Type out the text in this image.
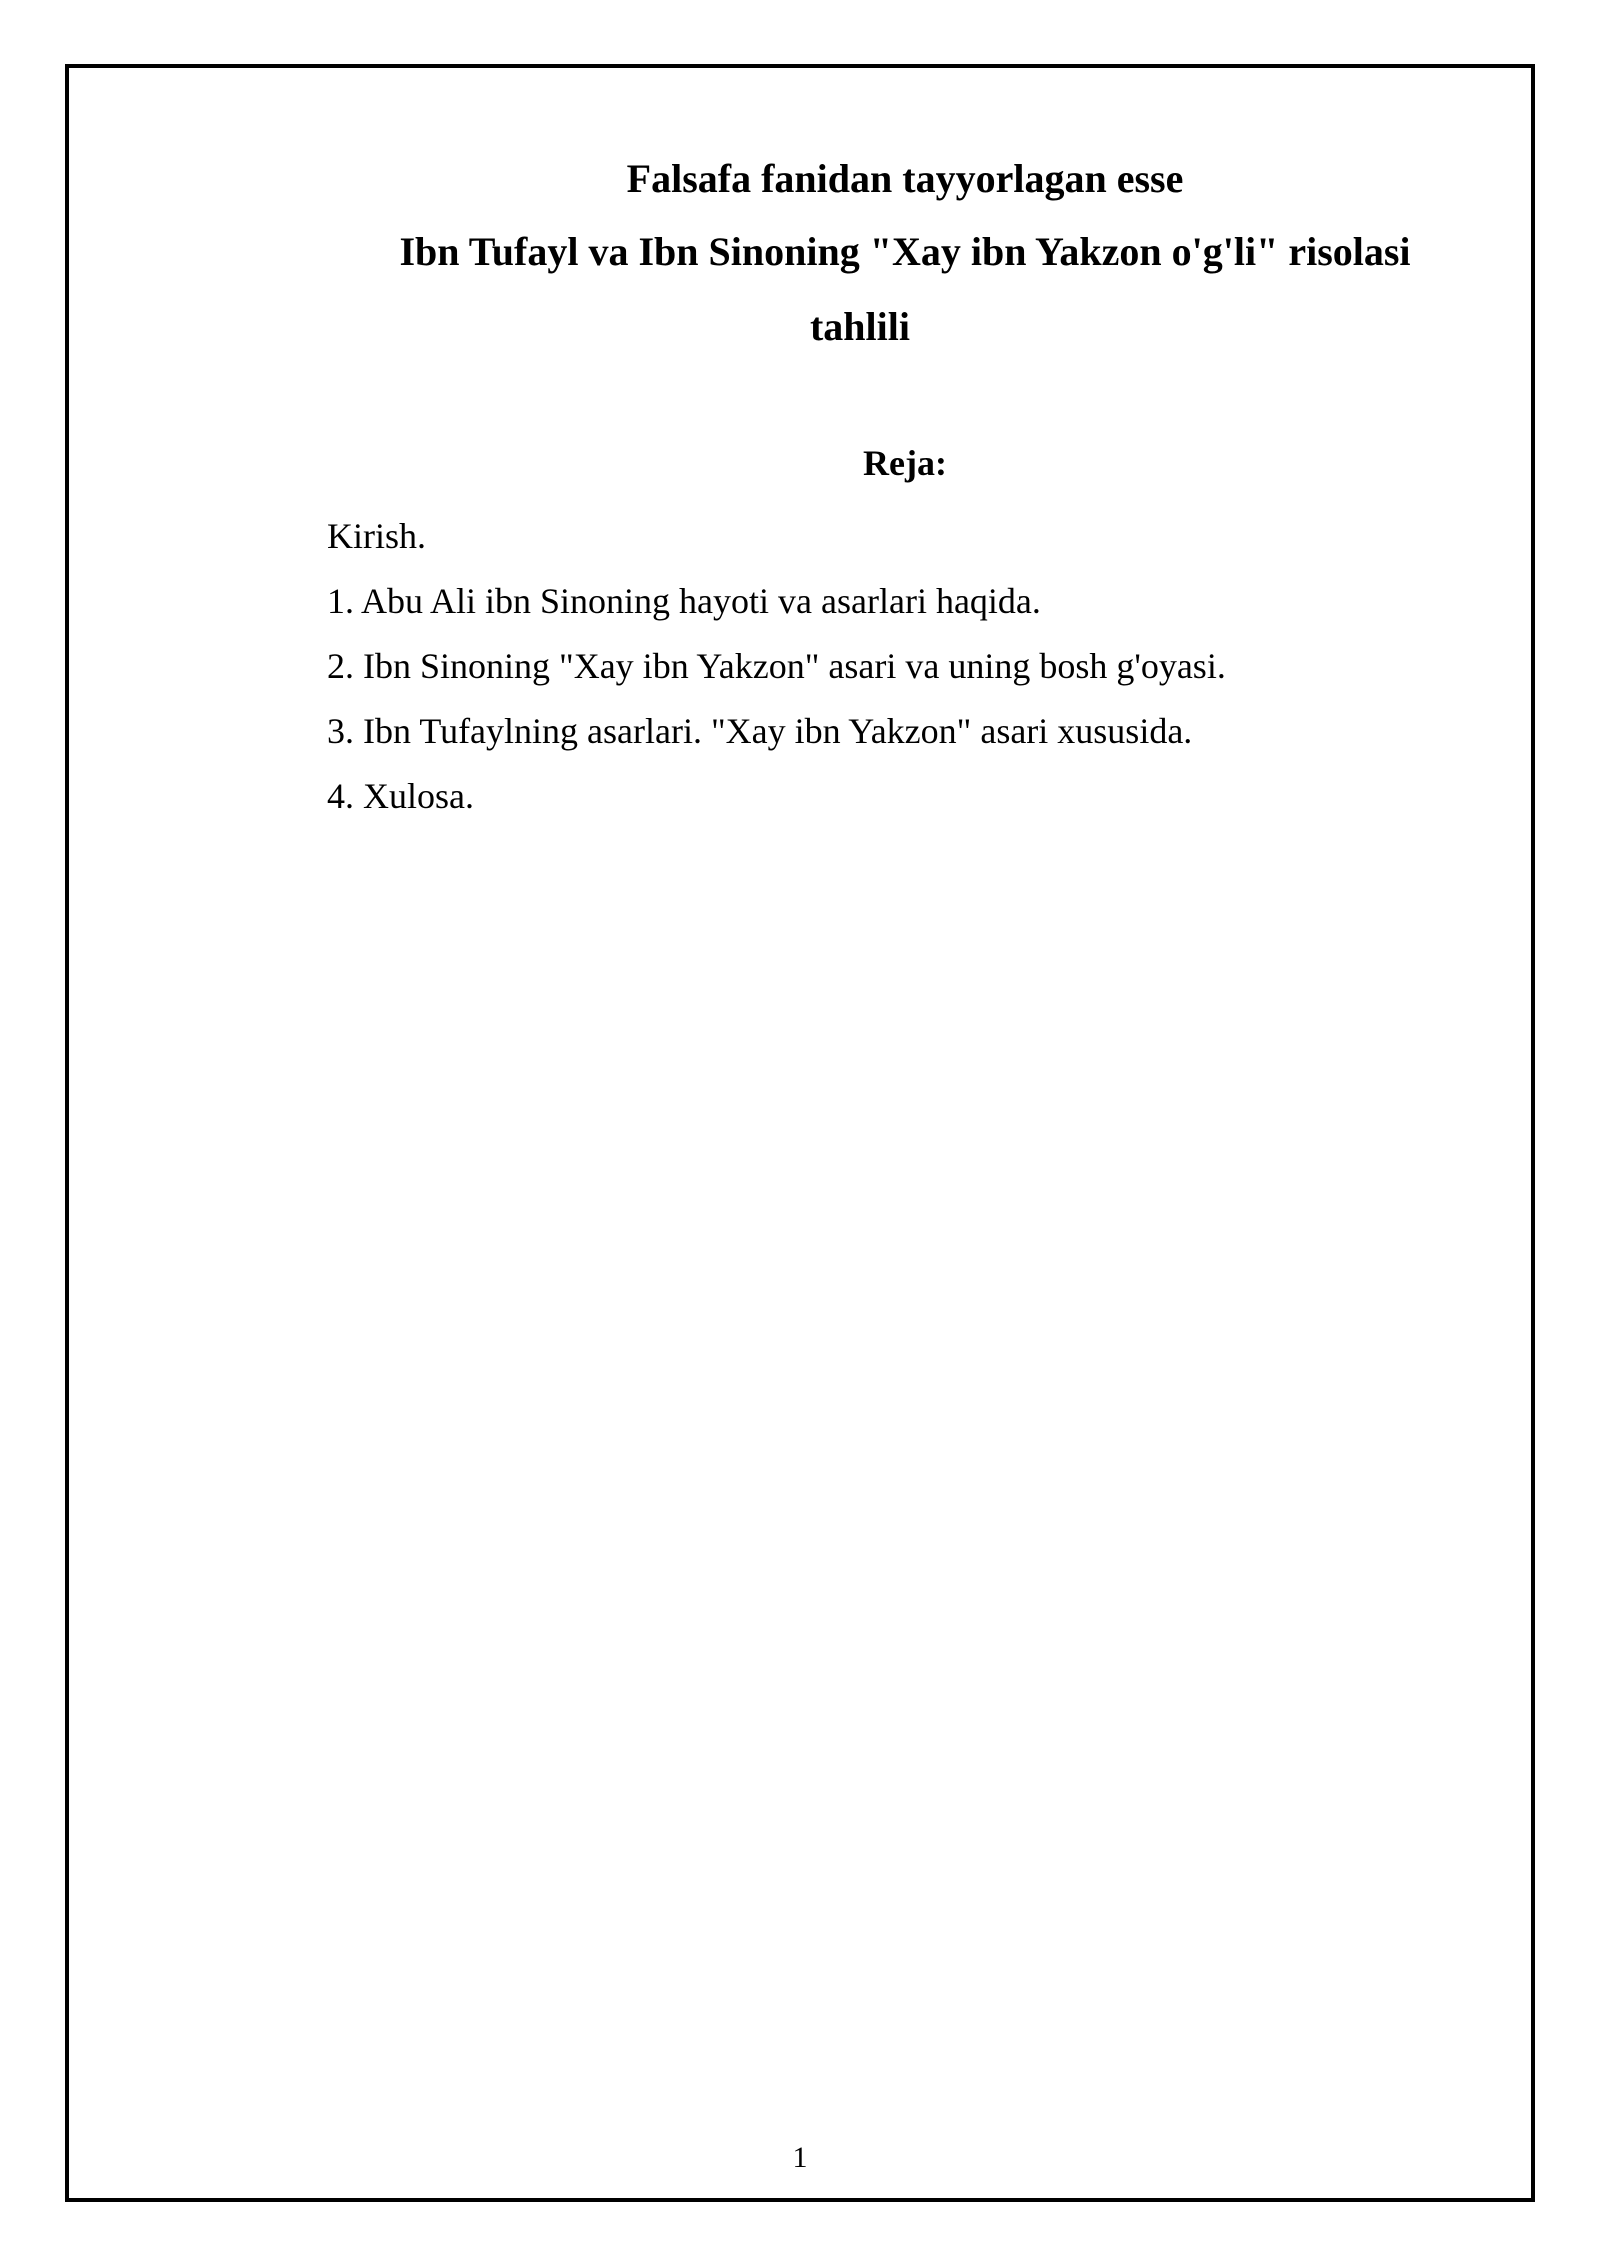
Falsafa fanidan tayyorlagan esse
Ibn Tufayl va Ibn Sinoning "Xay ibn Yakzon o'g'li" risolasi
tahlili
Reja:
Kirish.
1. Abu Ali ibn Sinoning hayoti va asarlari haqida.
2. Ibn Sinoning "Xay ibn Yakzon" asari va uning bosh g'oyasi.
3. Ibn Tufaylning asarlari. "Xay ibn Yakzon" asari xususida.
4. Xulosa.

1
